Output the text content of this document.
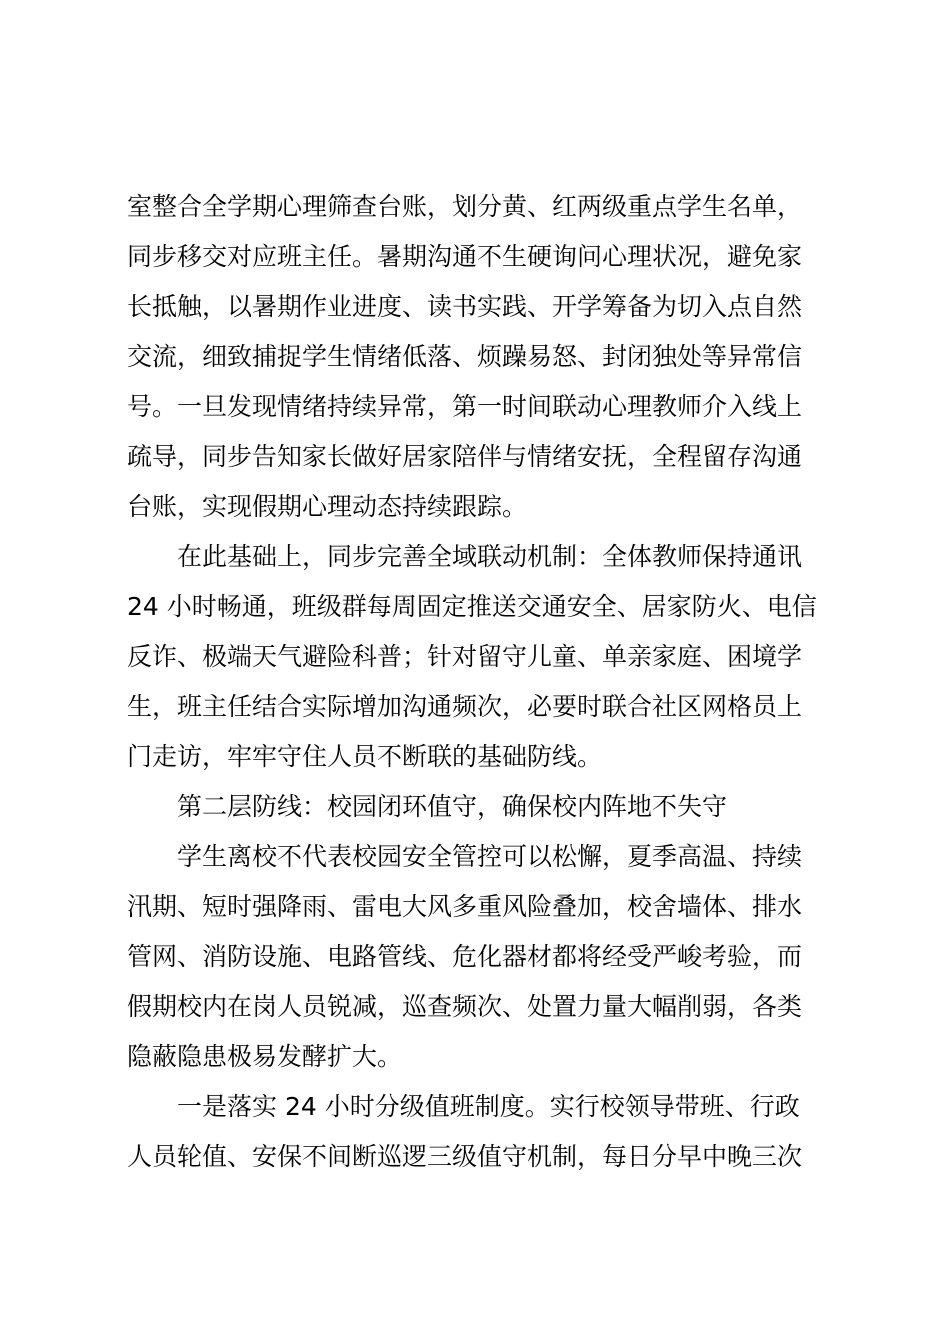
室整合全学期心理筛查台账，划分黄、红两级重点学生名单，
同步移交对应班主任。暑期沟通不生硬询问心理状况，避免家
长抵触，以暑期作业进度、读书实践、开学筹备为切入点自然
交流，细致捕捉学生情绪低落、烦躁易怒、封闭独处等异常信
号。一旦发现情绪持续异常，第一时间联动心理教师介入线上
疏导，同步告知家长做好居家陪伴与情绪安抚，全程留存沟通
台账，实现假期心理动态持续跟踪。
在此基础上，同步完善全域联动机制：全体教师保持通讯
24 小时畅通，班级群每周固定推送交通安全、居家防火、电信
反诈、极端天气避险科普；针对留守儿童、单亲家庭、困境学
生，班主任结合实际增加沟通频次，必要时联合社区网格员上
门走访，牢牢守住人员不断联的基础防线。
第二层防线：校园闭环值守，确保校内阵地不失守
学生离校不代表校园安全管控可以松懈，夏季高温、持续
汛期、短时强降雨、雷电大风多重风险叠加，校舍墙体、排水
管网、消防设施、电路管线、危化器材都将经受严峻考验，而
假期校内在岗人员锐减，巡查频次、处置力量大幅削弱，各类
隐蔽隐患极易发酵扩大。
一是落实 24 小时分级值班制度。实行校领导带班、行政
人员轮值、安保不间断巡逻三级值守机制，每日分早中晚三次
